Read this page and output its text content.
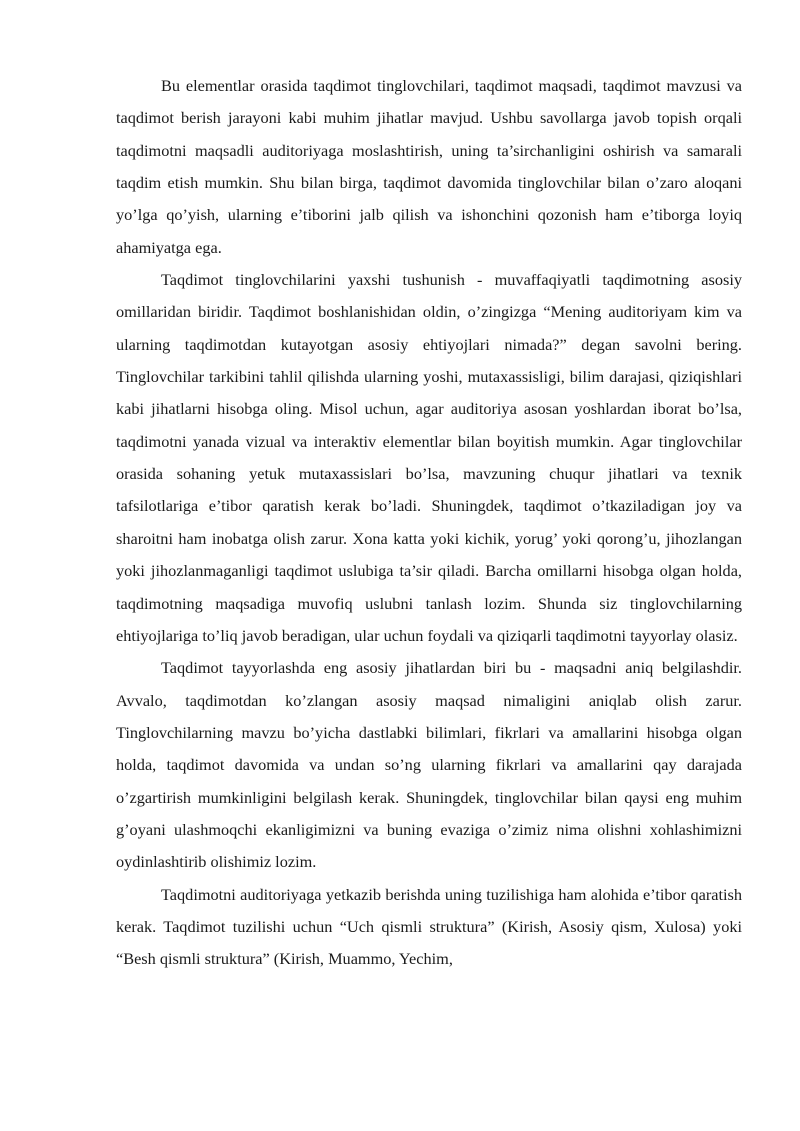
Bu elementlar orasida taqdimot tinglovchilari, taqdimot maqsadi, taqdimot mavzusi va taqdimot berish jarayoni kabi muhim jihatlar mavjud. Ushbu savollarga javob topish orqali taqdimotni maqsadli auditoriyaga moslashtirish, uning ta’sirchanligini oshirish va samarali taqdim etish mumkin. Shu bilan birga, taqdimot davomida tinglovchilar bilan o’zaro aloqani yo’lga qo’yish, ularning e’tiborini jalb qilish va ishonchini qozonish ham e’tiborga loyiq ahamiyatga ega.

Taqdimot tinglovchilarini yaxshi tushunish - muvaffaqiyatli taqdimotning asosiy omillaridan biridir. Taqdimot boshlanishidan oldin, o’zingizga “Mening auditoriyam kim va ularning taqdimotdan kutayotgan asosiy ehtiyojlari nimada?” degan savolni bering. Tinglovchilar tarkibini tahlil qilishda ularning yoshi, mutaxassisligi, bilim darajasi, qiziqishlari kabi jihatlarni hisobga oling. Misol uchun, agar auditoriya asosan yoshlardan iborat bo’lsa, taqdimotni yanada vizual va interaktiv elementlar bilan boyitish mumkin. Agar tinglovchilar orasida sohaning yetuk mutaxassislari bo’lsa, mavzuning chuqur jihatlari va texnik tafsilotlariga e’tibor qaratish kerak bo’ladi. Shuningdek, taqdimot o’tkaziladigan joy va sharoitni ham inobatga olish zarur. Xona katta yoki kichik, yorug’ yoki qorong’u, jihozlangan yoki jihozlanmaganligi taqdimot uslubiga ta’sir qiladi. Barcha omillarni hisobga olgan holda, taqdimotning maqsadiga muvofiq uslubni tanlash lozim. Shunda siz tinglovchilarning ehtiyojlariga to’liq javob beradigan, ular uchun foydali va qiziqarli taqdimotni tayyorlay olasiz.

Taqdimot tayyorlashda eng asosiy jihatlardan biri bu - maqsadni aniq belgilashdir. Avvalo, taqdimotdan ko’zlangan asosiy maqsad nimaligini aniqlab olish zarur. Tinglovchilarning mavzu bo’yicha dastlabki bilimlari, fikrlari va amallarini hisobga olgan holda, taqdimot davomida va undan so’ng ularning fikrlari va amallarini qay darajada o’zgartirish mumkinligini belgilash kerak. Shuningdek, tinglovchilar bilan qaysi eng muhim g’oyani ulashmoqchi ekanligimizni va buning evaziga o’zimiz nima olishni xohlashimizni oydinlashtirib olishimiz lozim.

Taqdimotni auditoriyaga yetkazib berishda uning tuzilishiga ham alohida e’tibor qaratish kerak. Taqdimot tuzilishi uchun “Uch qismli struktura” (Kirish, Asosiy qism, Xulosa) yoki “Besh qismli struktura” (Kirish, Muammo, Yechim,
